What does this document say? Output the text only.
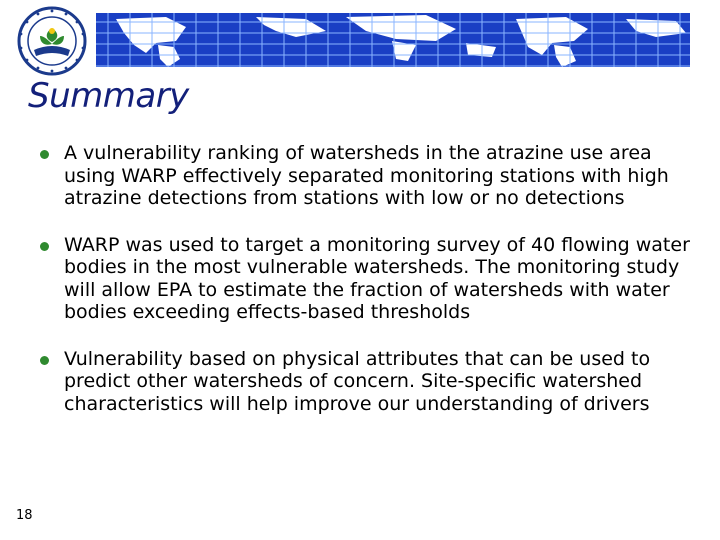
Summary
A vulnerability ranking of watersheds in the atrazine use area using WARP effectively separated monitoring stations with high atrazine detections from stations with low or no detections
WARP was used to target a monitoring survey of 40 flowing water bodies in the most vulnerable watersheds. The monitoring study will allow EPA to estimate the fraction of watersheds with water bodies exceeding effects-based thresholds
Vulnerability based on physical attributes that can be used to predict other watersheds of concern. Site-specific watershed characteristics will help improve our understanding of drivers
18
